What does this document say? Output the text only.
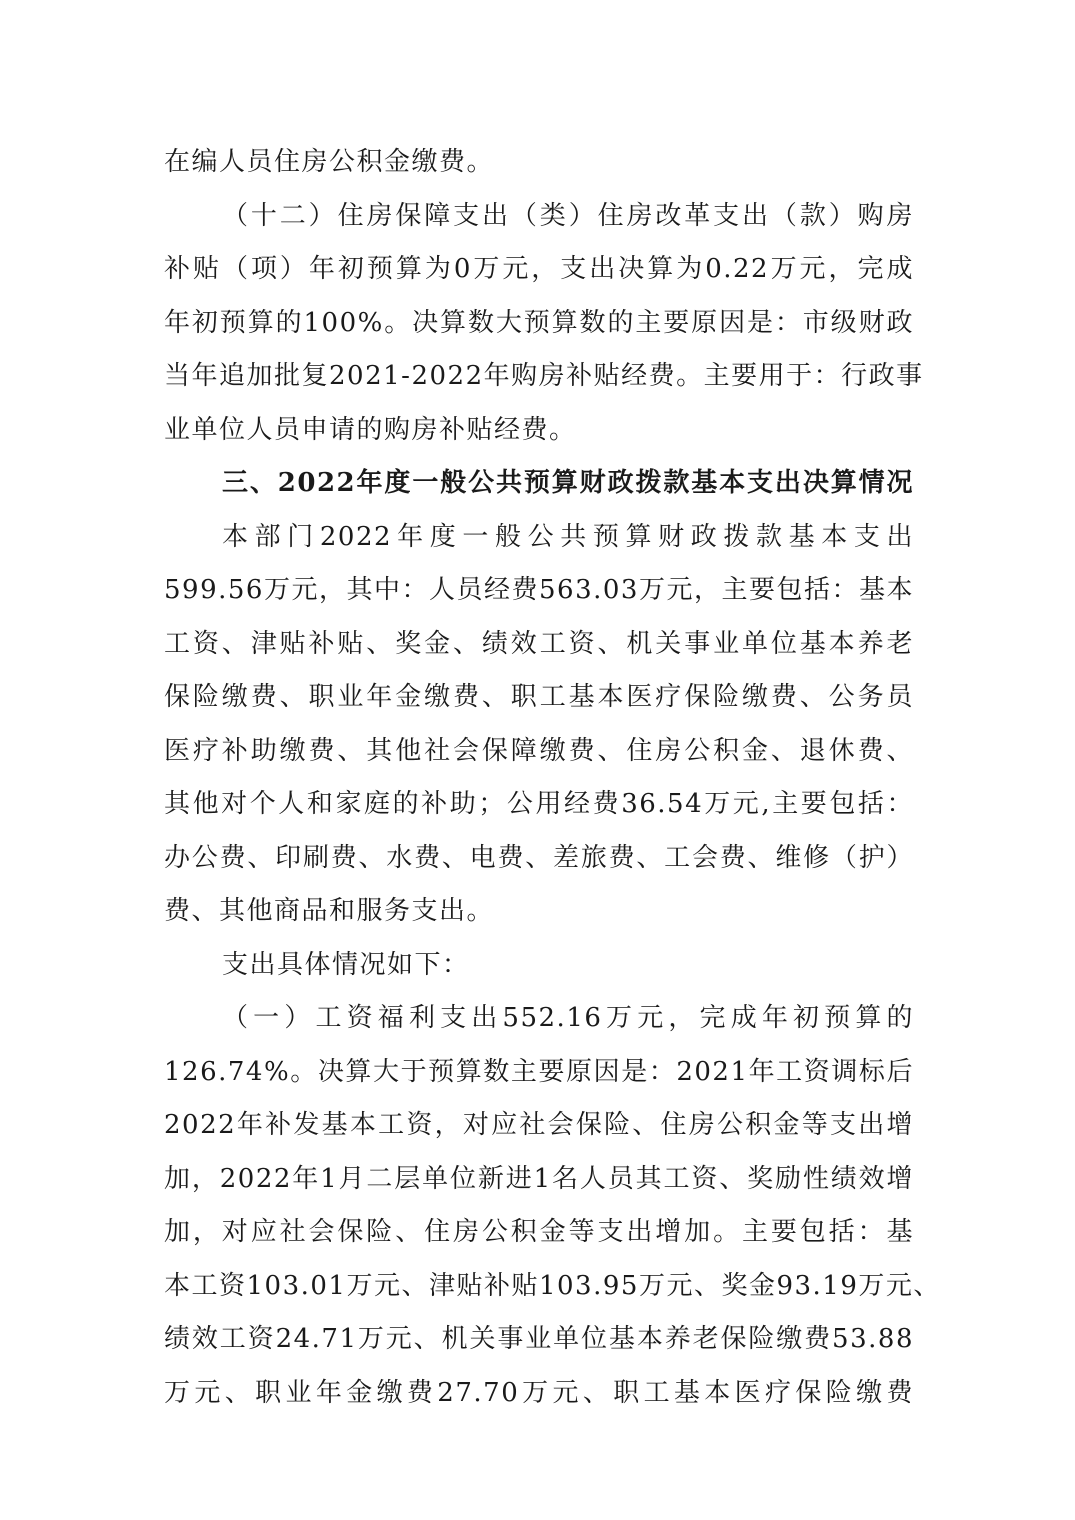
在编人员住房公积金缴费。
（十二）住房保障支出（类）住房改革支出（款）购房
补贴（项）年初预算为0万元，支出决算为0.22万元，完成
年初预算的100%。决算数大预算数的主要原因是：市级财政
当年追加批复2021-2022年购房补贴经费。主要用于：行政事
业单位人员申请的购房补贴经费。
三、2022年度一般公共预算财政拨款基本支出决算情况
本部门2022年度一般公共预算财政拨款基本支出
599.56万元，其中：人员经费563.03万元，主要包括：基本
工资、津贴补贴、奖金、绩效工资、机关事业单位基本养老
保险缴费、职业年金缴费、职工基本医疗保险缴费、公务员
医疗补助缴费、其他社会保障缴费、住房公积金、退休费、
其他对个人和家庭的补助；公用经费36.54万元,主要包括：
办公费、印刷费、水费、电费、差旅费、工会费、维修（护）
费、其他商品和服务支出。
支出具体情况如下：
（一）工资福利支出552.16万元，完成年初预算的
126.74%。决算大于预算数主要原因是：2021年工资调标后
2022年补发基本工资，对应社会保险、住房公积金等支出增
加，2022年1月二层单位新进1名人员其工资、奖励性绩效增
加，对应社会保险、住房公积金等支出增加。主要包括：基
本工资103.01万元、津贴补贴103.95万元、奖金93.19万元、
绩效工资24.71万元、机关事业单位基本养老保险缴费53.88
万元、职业年金缴费27.70万元、职工基本医疗保险缴费
